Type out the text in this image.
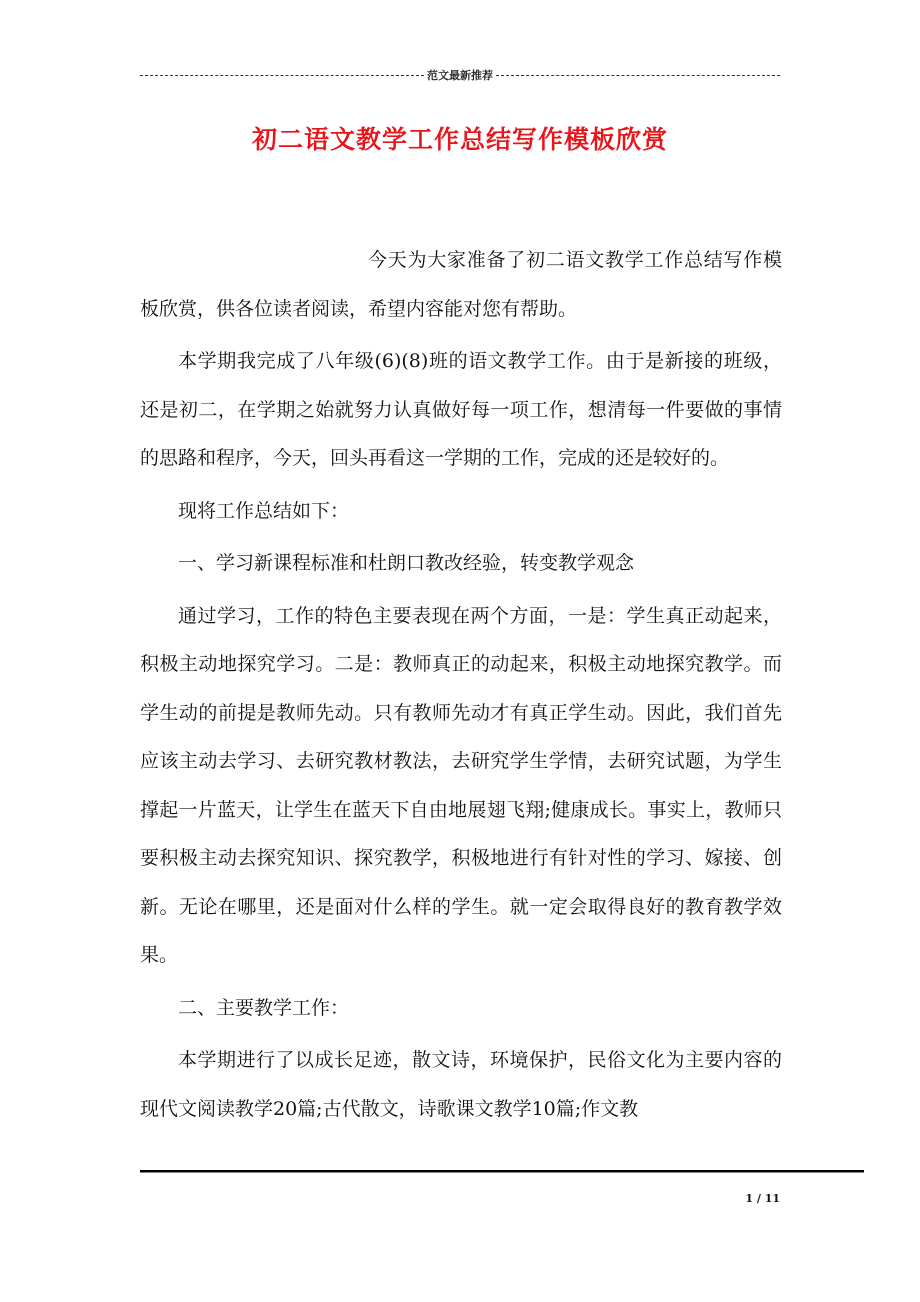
范文最新推荐
初二语文教学工作总结写作模板欣赏

今天为大家准备了初二语文教学工作总结写作模板欣赏，供各位读者阅读，希望内容能对您有帮助。

本学期我完成了八年级(6)(8)班的语文教学工作。由于是新接的班级，还是初二，在学期之始就努力认真做好每一项工作，想清每一件要做的事情的思路和程序，今天，回头再看这一学期的工作，完成的还是较好的。

现将工作总结如下：

一、学习新课程标准和杜朗口教改经验，转变教学观念

通过学习，工作的特色主要表现在两个方面，一是：学生真正动起来，积极主动地探究学习。二是：教师真正的动起来，积极主动地探究教学。而学生动的前提是教师先动。只有教师先动才有真正学生动。因此，我们首先应该主动去学习、去研究教材教法，去研究学生学情，去研究试题，为学生撑起一片蓝天，让学生在蓝天下自由地展翅飞翔;健康成长。事实上，教师只要积极主动去探究知识、探究教学，积极地进行有针对性的学习、嫁接、创新。无论在哪里，还是面对什么样的学生。就一定会取得良好的教育教学效果。

二、主要教学工作：

本学期进行了以成长足迹，散文诗，环境保护，民俗文化为主要内容的现代文阅读教学20篇;古代散文，诗歌课文教学10篇;作文教

1 / 11
